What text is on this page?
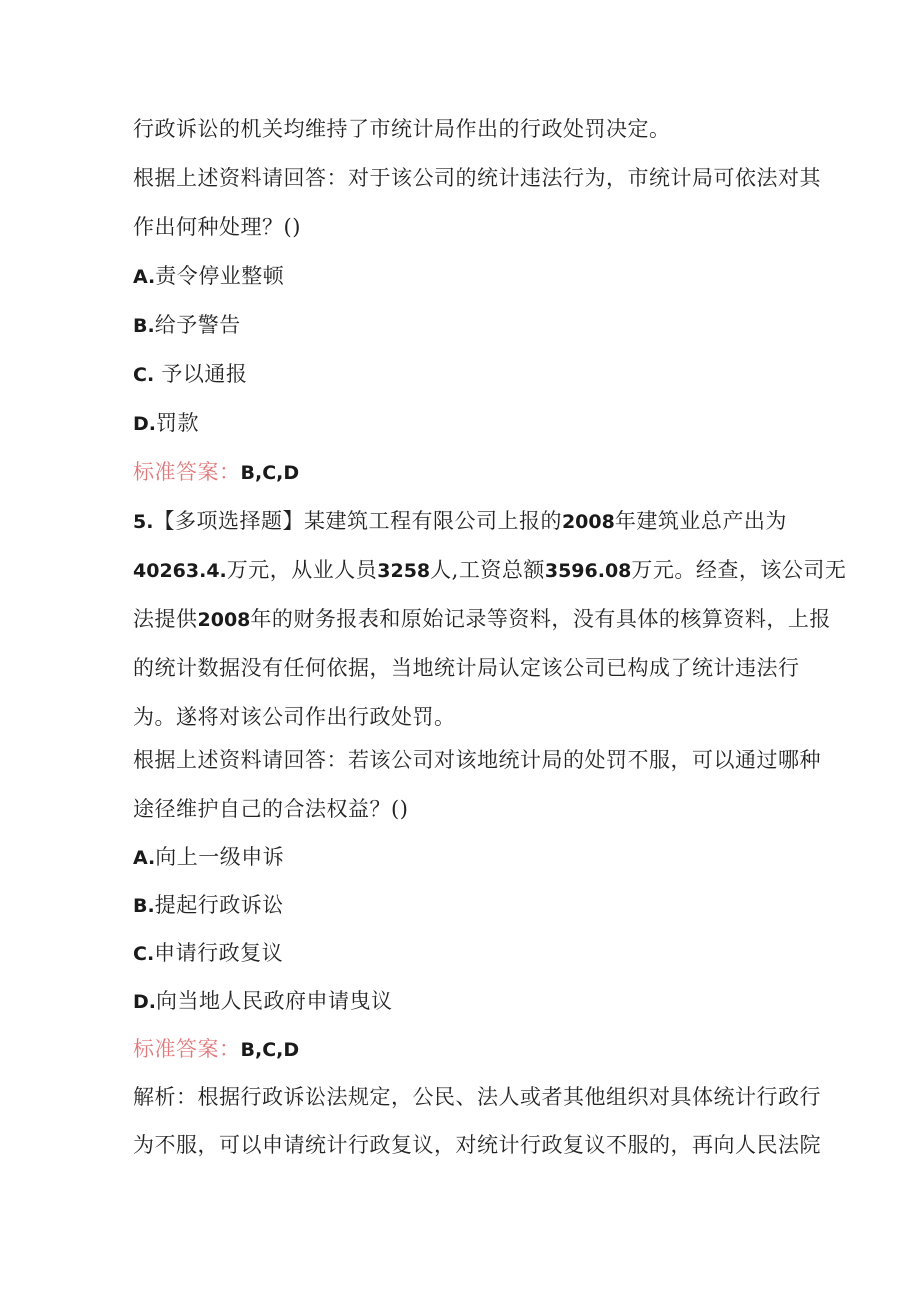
行政诉讼的机关均维持了市统计局作出的行政处罚决定。
根据上述资料请回答：对于该公司的统计违法行为，市统计局可依法对其
作出何种处理？()
A.责令停业整顿
B.给予警告
C. 予以通报
D.罚款
标准答案：B,C,D
5.【多项选择题】某建筑工程有限公司上报的2008年建筑业总产出为
40263.4.万元，从业人员3258人,工资总额3596.08万元。经查，该公司无
法提供2008年的财务报表和原始记录等资料，没有具体的核算资料，上报
的统计数据没有任何依据，当地统计局认定该公司已构成了统计违法行
为。遂将对该公司作出行政处罚。
根据上述资料请回答：若该公司对该地统计局的处罚不服，可以通过哪种
途径维护自己的合法权益？()
A.向上一级申诉
B.提起行政诉讼
C.申请行政复议
D.向当地人民政府申请曳议
标准答案：B,C,D
解析：根据行政诉讼法规定，公民、法人或者其他组织对具体统计行政行
为不服，可以申请统计行政复议，对统计行政复议不服的，再向人民法院
